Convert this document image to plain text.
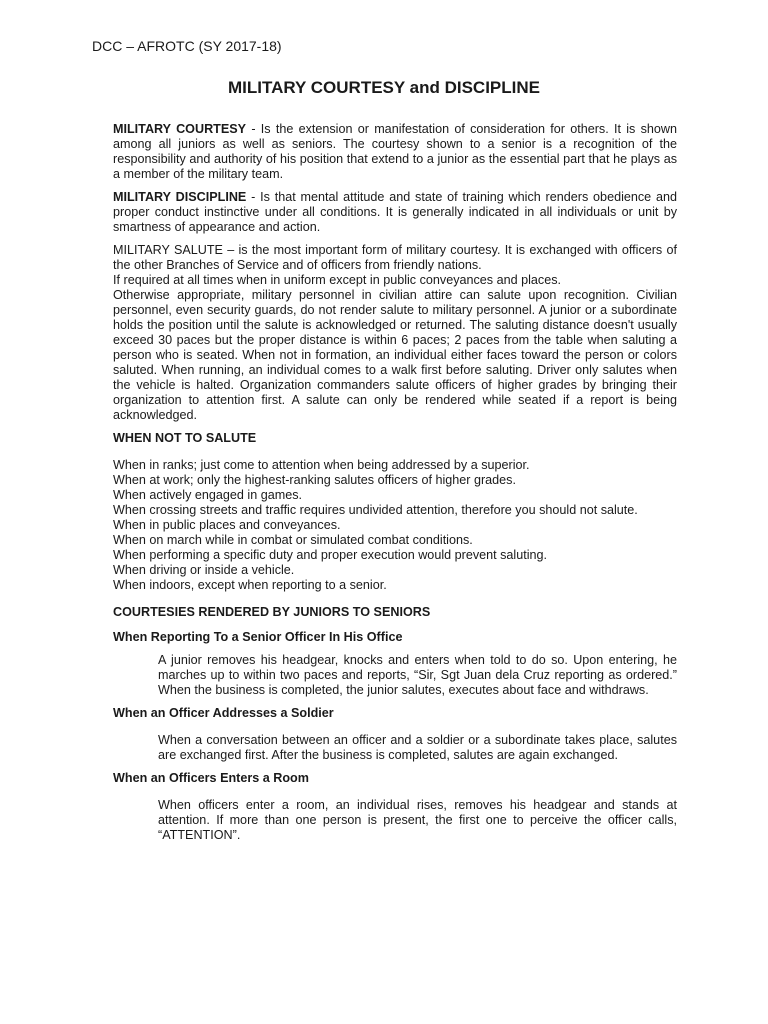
DCC – AFROTC (SY 2017-18)
MILITARY COURTESY and DISCIPLINE

MILITARY COURTESY - Is the extension or manifestation of consideration for others. It is shown among all juniors as well as seniors. The courtesy shown to a senior is a recognition of the responsibility and authority of his position that extend to a junior as the essential part that he plays as a member of the military team.

MILITARY DISCIPLINE - Is that mental attitude and state of training which renders obedience and proper conduct instinctive under all conditions. It is generally indicated in all individuals or unit by smartness of appearance and action.

MILITARY SALUTE – is the most important form of military courtesy. It is exchanged with officers of the other Branches of Service and of officers from friendly nations.

If required at all times when in uniform except in public conveyances and places.

Otherwise appropriate, military personnel in civilian attire can salute upon recognition. Civilian personnel, even security guards, do not render salute to military personnel. A junior or a subordinate holds the position until the salute is acknowledged or returned. The saluting distance doesn't usually exceed 30 paces but the proper distance is within 6 paces; 2 paces from the table when saluting a person who is seated. When not in formation, an individual either faces toward the person or colors saluted. When running, an individual comes to a walk first before saluting. Driver only salutes when the vehicle is halted. Organization commanders salute officers of higher grades by bringing their organization to attention first. A salute can only be rendered while seated if a report is being acknowledged.

WHEN NOT TO SALUTE

When in ranks; just come to attention when being addressed by a superior.

When at work; only the highest-ranking salutes officers of higher grades.

When actively engaged in games.

When crossing streets and traffic requires undivided attention, therefore you should not salute.

When in public places and conveyances.

When on march while in combat or simulated combat conditions.

When performing a specific duty and proper execution would prevent saluting.

When driving or inside a vehicle.

When indoors, except when reporting to a senior.

COURTESIES RENDERED BY JUNIORS TO SENIORS

When Reporting To a Senior Officer In His Office

A junior removes his headgear, knocks and enters when told to do so. Upon entering, he marches up to within two paces and reports, “Sir, Sgt Juan dela Cruz reporting as ordered.” When the business is completed, the junior salutes, executes about face and withdraws.

When an Officer Addresses a Soldier

When a conversation between an officer and a soldier or a subordinate takes place, salutes are exchanged first. After the business is completed, salutes are again exchanged.

When an Officers Enters a Room

When officers enter a room, an individual rises, removes his headgear and stands at attention. If more than one person is present, the first one to perceive the officer calls, “ATTENTION”.
